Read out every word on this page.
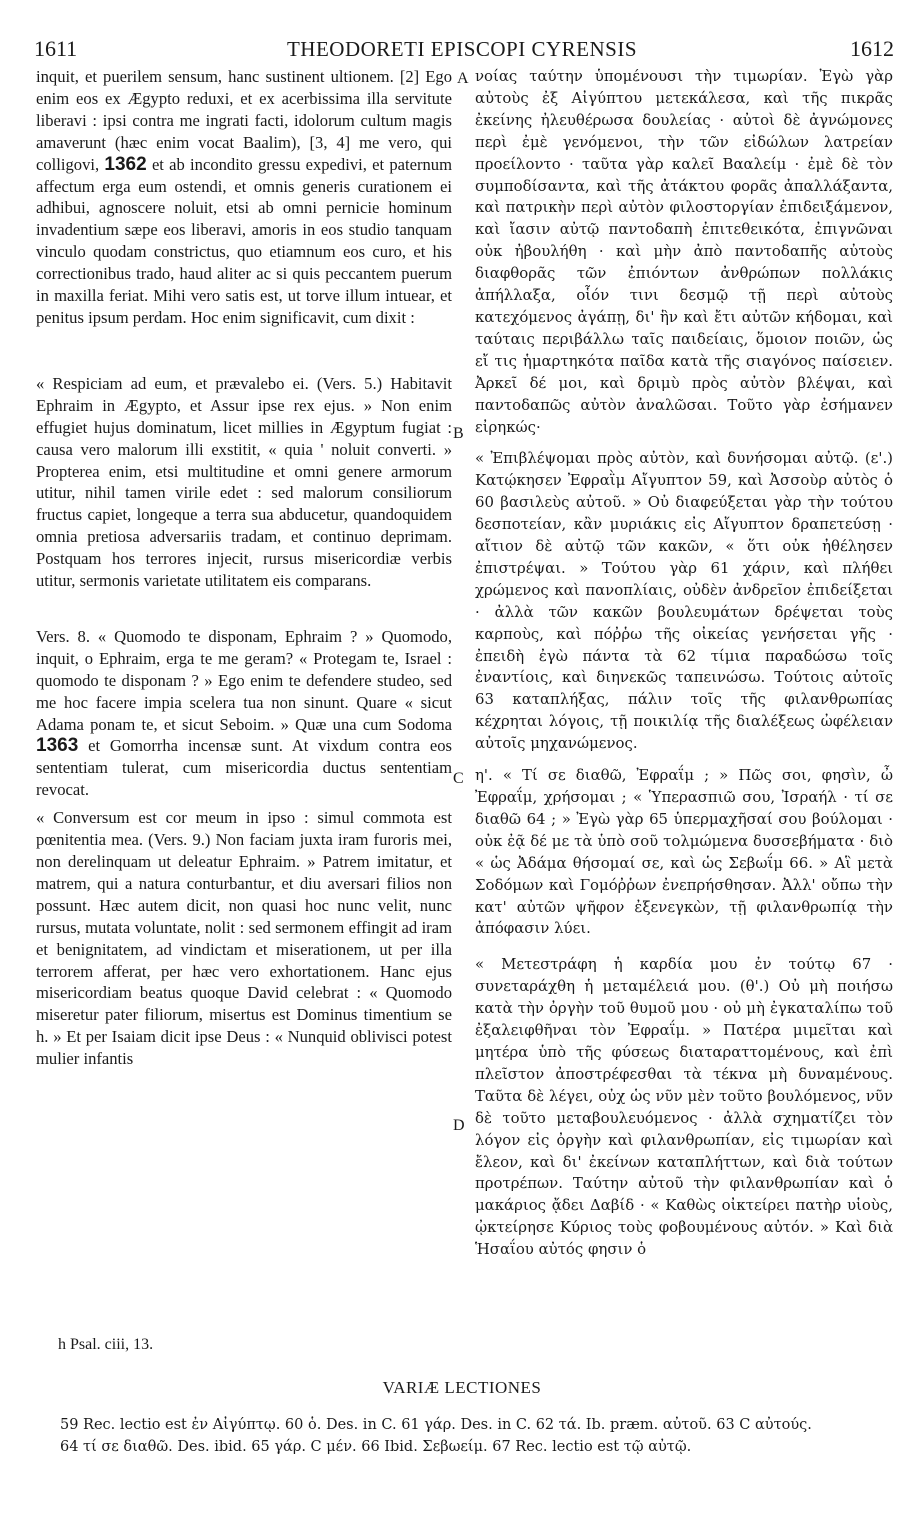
1611	THEODORETI EPISCOPI CYRENSIS	1612

inquit, et puerilem sensum, hanc sustinent ultionem. [2] Ego enim eos ex Ægypto reduxi, et ex acerbissima illa servitute liberavi : ipsi contra me ingrati facti, idolorum cultum magis amaverunt (hæc enim vocat Baalim), [3, 4] me vero, qui colligovi, 1362 et ab incondito gressu expedivi, et paternum affectum erga eum ostendi, et omnis generis curationem ei adhibui, agnoscere noluit, etsi ab omni pernicie hominum invadentium sæpe eos liberavi, amoris in eos studio tanquam vinculo quodam constrictus, quo etiamnum eos curo, et his correctionibus trado, haud aliter ac si quis peccantem puerum in maxilla feriat. Mihi vero satis est, ut torve illum intuear, et penitus ipsum perdam. Hoc enim significavit, cum dixit :

« Respiciam ad eum, et prævalebo ei. (Vers. 5.) Habitavit Ephraim in Ægypto, et Assur ipse rex ejus. » Non enim effugiet hujus dominatum, licet millies in Ægyptum fugiat : causa vero malorum illi exstitit, « quia ' noluit converti. » Propterea enim, etsi multitudine et omni genere armorum utitur, nihil tamen virile edet : sed malorum consiliorum fructus capiet, longeque a terra sua abducetur, quandoquidem omnia pretiosa adversariis tradam, et continuo deprimam. Postquam hos terrores injecit, rursus misericordiæ verbis utitur, sermonis varietate utilitatem eis comparans.

Vers. 8. « Quomodo te disponam, Ephraim ? » Quomodo, inquit, o Ephraim, erga te me geram? « Protegam te, Israel : quomodo te disponam ? » Ego enim te defendere studeo, sed me hoc facere impia scelera tua non sinunt. Quare « sicut Adama ponam te, et sicut Seboim. » Quæ una cum Sodoma 1363 et Gomorrha incensæ sunt. At vixdum contra eos sententiam tulerat, cum misericordia ductus sententiam revocat.

« Conversum est cor meum in ipso : simul commota est pœnitentia mea. (Vers. 9.) Non faciam juxta iram furoris mei, non derelinquam ut deleatur Ephraim. » Patrem imitatur, et matrem, qui a natura conturbantur, et diu aversari filios non possunt. Hæc autem dicit, non quasi hoc nunc velit, nunc rursus, mutata voluntate, nolit : sed sermonem effingit ad iram et benignitatem, ad vindictam et miserationem, ut per illa terrorem afferat, per hæc vero exhortationem. Hanc ejus misericordiam beatus quoque David celebrat : « Quomodo miseretur pater filiorum, misertus est Dominus timentium se h. » Et per Isaiam dicit ipse Deus : « Nunquid oblivisci potest mulier infantis

A
B
C
D

νοίας ταύτην ὑπομένουσι τὴν τιμωρίαν. Ἐγὼ γὰρ αὐτοὺς ἐξ Αἰγύπτου μετεκάλεσα, καὶ τῆς πικρᾶς ἐκείνης ἠλευθέρωσα δουλείας · αὐτοὶ δὲ ἀγνώμονες περὶ ἐμὲ γενόμενοι, τὴν τῶν εἰδώλων λατρείαν προείλοντο · ταῦτα γὰρ καλεῖ Βααλείμ · ἐμὲ δὲ τὸν συμποδίσαντα, καὶ τῆς ἀτάκτου φορᾶς ἀπαλλάξαντα, καὶ πατρικὴν περὶ αὐτὸν φιλοστοργίαν ἐπιδειξάμενον, καὶ ἴασιν αὐτῷ παντοδαπὴ ἐπιτεθεικότα, ἐπιγνῶναι οὐκ ἠβουλήθη · καὶ μὴν ἀπὸ παντοδαπῆς αὐτοὺς διαφθορᾶς τῶν ἐπιόντων ἀνθρώπων πολλάκις ἀπήλλαξα, οἷόν τινι δεσμῷ τῇ περὶ αὐτοὺς κατεχόμενος ἀγάπῃ, δι' ἣν καὶ ἔτι αὐτῶν κήδομαι, καὶ ταύταις περιβάλλω ταῖς παιδείαις, ὅμοιον ποιῶν, ὡς εἴ τις ἡμαρτηκότα παῖδα κατὰ τῆς σιαγόνος παίσειεν. Ἀρκεῖ δέ μοι, καὶ δριμὺ πρὸς αὐτὸν βλέψαι, καὶ παντοδαπῶς αὐτὸν ἀναλῶσαι. Τοῦτο γὰρ ἐσήμανεν εἰρηκώς·

« Ἐπιβλέψομαι πρὸς αὐτὸν, καὶ δυνήσομαι αὐτῷ. (ε'.) Κατῴκησεν Ἐφραῒμ Αἴγυπτον 59, καὶ Ἀσσοὺρ αὐτὸς ὁ 60 βασιλεὺς αὐτοῦ. » Οὐ διαφεύξεται γὰρ τὴν τούτου δεσποτείαν, κἂν μυριάκις εἰς Αἴγυπτον δραπετεύσῃ · αἴτιον δὲ αὐτῷ τῶν κακῶν, « ὅτι οὐκ ἠθέλησεν ἐπιστρέψαι. » Τούτου γὰρ 61 χάριν, καὶ πλήθει χρώμενος καὶ πανοπλίαις, οὐδὲν ἀνδρεῖον ἐπιδείξεται · ἀλλὰ τῶν κακῶν βουλευμάτων δρέψεται τοὺς καρποὺς, καὶ πόῤῥω τῆς οἰκείας γενήσεται γῆς · ἐπειδὴ ἐγὼ πάντα τὰ 62 τίμια παραδώσω τοῖς ἐναντίοις, καὶ διηνεκῶς ταπεινώσω. Τούτοις αὐτοῖς 63 καταπλήξας, πάλιν τοῖς τῆς φιλανθρωπίας κέχρηται λόγοις, τῇ ποικιλίᾳ τῆς διαλέξεως ὠφέλειαν αὐτοῖς μηχανώμενος.

η'. « Τί σε διαθῶ, Ἐφραΐμ ; » Πῶς σοι, φησὶν, ὦ Ἐφραΐμ, χρήσομαι ; « Ὑπερασπιῶ σου, Ἰσραήλ · τί σε διαθῶ 64 ; » Ἐγὼ γὰρ 65 ὑπερμαχῆσαί σου βούλομαι · οὐκ ἐᾷ δέ με τὰ ὑπὸ σοῦ τολμώμενα δυσσεβήματα · διὸ « ὡς Ἀδάμα θήσομαί σε, καὶ ὡς Σεβωΐμ 66. » Αἳ μετὰ Σοδόμων καὶ Γομόῤῥων ἐνεπρήσθησαν. Ἀλλ' οὔπω τὴν κατ' αὐτῶν ψῆφον ἐξενεγκὼν, τῇ φιλανθρωπίᾳ τὴν ἀπόφασιν λύει.

« Μετεστράφη ἡ καρδία μου ἐν τούτῳ 67 · συνεταράχθη ἡ μεταμέλειά μου. (θ'.) Οὐ μὴ ποιήσω κατὰ τὴν ὀργὴν τοῦ θυμοῦ μου · οὐ μὴ ἐγκαταλίπω τοῦ ἐξαλειφθῆναι τὸν Ἐφραΐμ. » Πατέρα μιμεῖται καὶ μητέρα ὑπὸ τῆς φύσεως διαταραττομένους, καὶ ἐπὶ πλεῖστον ἀποστρέφεσθαι τὰ τέκνα μὴ δυναμένους. Ταῦτα δὲ λέγει, οὐχ ὡς νῦν μὲν τοῦτο βουλόμενος, νῦν δὲ τοῦτο μεταβουλευόμενος · ἀλλὰ σχηματίζει τὸν λόγον εἰς ὀργὴν καὶ φιλανθρωπίαν, εἰς τιμωρίαν καὶ ἔλεον, καὶ δι' ἐκείνων καταπλήττων, καὶ διὰ τούτων προτρέπων. Ταύτην αὐτοῦ τὴν φιλανθρωπίαν καὶ ὁ μακάριος ᾄδει Δαβίδ · « Καθὼς οἰκτείρει πατὴρ υἱοὺς, ᾠκτείρησε Κύριος τοὺς φοβουμένους αὐτόν. » Καὶ διὰ Ἡσαΐου αὐτός φησιν ὁ

h Psal. ciii, 13.
VARIÆ LECTIONES

59 Rec. lectio est ἐν Αἰγύπτῳ. 60 ὁ. Des. in C. 61 γάρ. Des. in C. 62 τά. Ib. præm. αὐτοῦ. 63 C αὐτούς.

64 τί σε διαθῶ. Des. ibid. 65 γάρ. C μέν. 66 Ibid. Σεβωείμ. 67 Rec. lectio est τῷ αὐτῷ.
